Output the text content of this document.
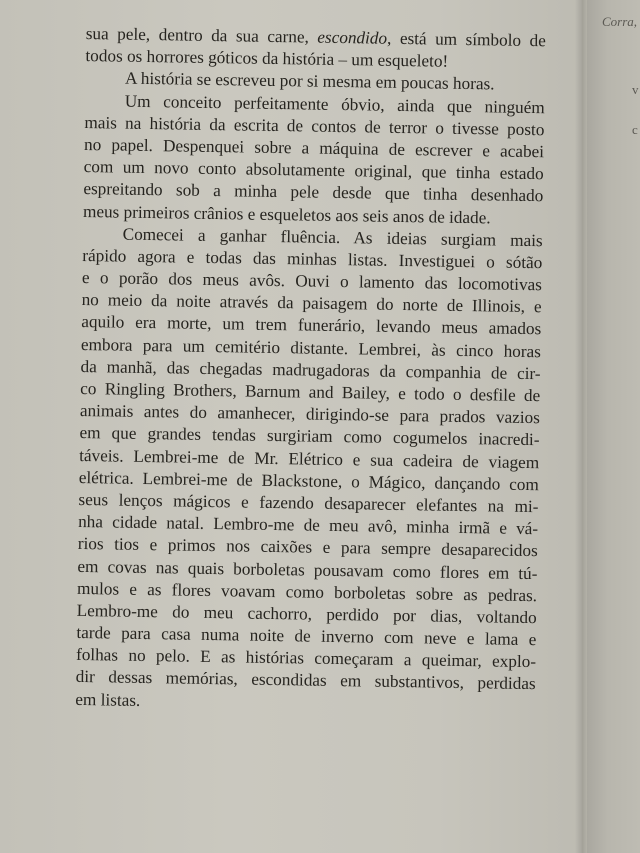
Corra,
v
c
sua pele, dentro da sua carne, escondido, está um símbolo de
todos os horrores góticos da história – um esqueleto!
A história se escreveu por si mesma em poucas horas.
Um conceito perfeitamente óbvio, ainda que ninguém
mais na história da escrita de contos de terror o tivesse posto
no papel. Despenquei sobre a máquina de escrever e acabei
com um novo conto absolutamente original, que tinha estado
espreitando sob a minha pele desde que tinha desenhado
meus primeiros crânios e esqueletos aos seis anos de idade.
Comecei a ganhar fluência. As ideias surgiam mais
rápido agora e todas das minhas listas. Investiguei o sótão
e o porão dos meus avôs. Ouvi o lamento das locomotivas
no meio da noite através da paisagem do norte de Illinois, e
aquilo era morte, um trem funerário, levando meus amados
embora para um cemitério distante. Lembrei, às cinco horas
da manhã, das chegadas madrugadoras da companhia de cir-
co Ringling Brothers, Barnum and Bailey, e todo o desfile de
animais antes do amanhecer, dirigindo-se para prados vazios
em que grandes tendas surgiriam como cogumelos inacredi-
táveis. Lembrei-me de Mr. Elétrico e sua cadeira de viagem
elétrica. Lembrei-me de Blackstone, o Mágico, dançando com
seus lenços mágicos e fazendo desaparecer elefantes na mi-
nha cidade natal. Lembro-me de meu avô, minha irmã e vá-
rios tios e primos nos caixões e para sempre desaparecidos
em covas nas quais borboletas pousavam como flores em tú-
mulos e as flores voavam como borboletas sobre as pedras.
Lembro-me do meu cachorro, perdido por dias, voltando
tarde para casa numa noite de inverno com neve e lama e
folhas no pelo. E as histórias começaram a queimar, explo-
dir dessas memórias, escondidas em substantivos, perdidas
em listas.
